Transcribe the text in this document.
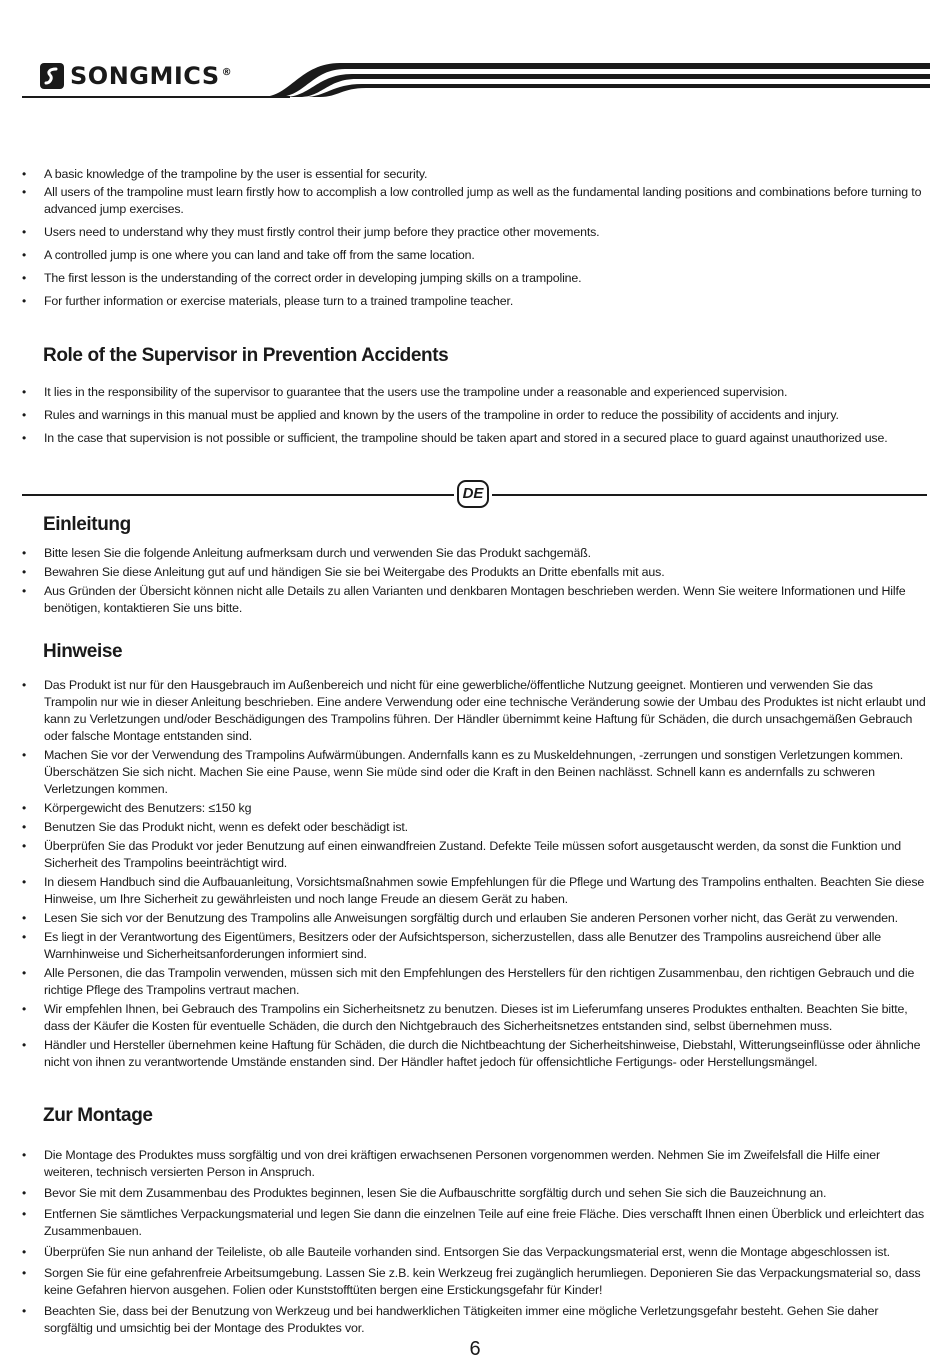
SONGMICS ®
• A basic knowledge of the trampoline by the user is essential for security.
• All users of the trampoline must learn firstly how to accomplish a low controlled jump as well as the fundamental landing positions and combinations before turning to advanced jump exercises.
• Users need to understand why they must firstly control their jump before they practice other movements.
• A controlled jump is one where you can land and take off from the same location.
• The first lesson is the understanding of the correct order in developing jumping skills on a trampoline.
• For further information or exercise materials, please turn to a trained trampoline teacher.
Role of the Supervisor in Prevention Accidents
• It lies in the responsibility of the supervisor to guarantee that the users use the trampoline under a reasonable and experienced supervision.
• Rules and warnings in this manual must be applied and known by the users of the trampoline in order to reduce the possibility of accidents and injury.
• In the case that supervision is not possible or sufficient, the trampoline should be taken apart and stored in a secured place to guard against unauthorized use.
DE
Einleitung
• Bitte lesen Sie die folgende Anleitung aufmerksam durch und verwenden Sie das Produkt sachgemäß.
• Bewahren Sie diese Anleitung gut auf und händigen Sie sie bei Weitergabe des Produkts an Dritte ebenfalls mit aus.
• Aus Gründen der Übersicht können nicht alle Details zu allen Varianten und denkbaren Montagen beschrieben werden. Wenn Sie weitere Informationen und Hilfe benötigen, kontaktieren Sie uns bitte.
Hinweise
• Das Produkt ist nur für den Hausgebrauch im Außenbereich und nicht für eine gewerbliche/öffentliche Nutzung geeignet. Montieren und verwenden Sie das Trampolin nur wie in dieser Anleitung beschrieben. Eine andere Verwendung oder eine technische Veränderung sowie der Umbau des Produktes ist nicht erlaubt und kann zu Verletzungen und/oder Beschädigungen des Trampolins führen. Der Händler übernimmt keine Haftung für Schäden, die durch unsachgemäßen Gebrauch oder falsche Montage entstanden sind.
• Machen Sie vor der Verwendung des Trampolins Aufwärmübungen. Andernfalls kann es zu Muskeldehnungen, -zerrungen und sonstigen Verletzungen kommen. Überschätzen Sie sich nicht. Machen Sie eine Pause, wenn Sie müde sind oder die Kraft in den Beinen nachlässt. Schnell kann es andernfalls zu schweren Verletzungen kommen.
• Körpergewicht des Benutzers: ≤150 kg
• Benutzen Sie das Produkt nicht, wenn es defekt oder beschädigt ist.
• Überprüfen Sie das Produkt vor jeder Benutzung auf einen einwandfreien Zustand. Defekte Teile müssen sofort ausgetauscht werden, da sonst die Funktion und Sicherheit des Trampolins beeinträchtigt wird.
• In diesem Handbuch sind die Aufbauanleitung, Vorsichtsmaßnahmen sowie Empfehlungen für die Pflege und Wartung des Trampolins enthalten. Beachten Sie diese Hinweise, um Ihre Sicherheit zu gewährleisten und noch lange Freude an diesem Gerät zu haben.
• Lesen Sie sich vor der Benutzung des Trampolins alle Anweisungen sorgfältig durch und erlauben Sie anderen Personen vorher nicht, das Gerät zu verwenden.
• Es liegt in der Verantwortung des Eigentümers, Besitzers oder der Aufsichtsperson, sicherzustellen, dass alle Benutzer des Trampolins ausreichend über alle Warnhinweise und Sicherheitsanforderungen informiert sind.
• Alle Personen, die das Trampolin verwenden, müssen sich mit den Empfehlungen des Herstellers für den richtigen Zusammenbau, den richtigen Gebrauch und die richtige Pflege des Trampolins vertraut machen.
• Wir empfehlen Ihnen, bei Gebrauch des Trampolins ein Sicherheitsnetz zu benutzen. Dieses ist im Lieferumfang unseres Produktes enthalten. Beachten Sie bitte, dass der Käufer die Kosten für eventuelle Schäden, die durch den Nichtgebrauch des Sicherheitsnetzes entstanden sind, selbst übernehmen muss.
• Händler und Hersteller übernehmen keine Haftung für Schäden, die durch die Nichtbeachtung der Sicherheitshinweise, Diebstahl, Witterungseinflüsse oder ähnliche nicht von ihnen zu verantwortende Umstände enstanden sind. Der Händler haftet jedoch für offensichtliche Fertigungs- oder Herstellungsmängel.
Zur Montage
• Die Montage des Produktes muss sorgfältig und von drei kräftigen erwachsenen Personen vorgenommen werden. Nehmen Sie im Zweifelsfall die Hilfe einer weiteren, technisch versierten Person in Anspruch.
• Bevor Sie mit dem Zusammenbau des Produktes beginnen, lesen Sie die Aufbauschritte sorgfältig durch und sehen Sie sich die Bauzeichnung an.
• Entfernen Sie sämtliches Verpackungsmaterial und legen Sie dann die einzelnen Teile auf eine freie Fläche. Dies verschafft Ihnen einen Überblick und erleichtert das Zusammenbauen.
• Überprüfen Sie nun anhand der Teileliste, ob alle Bauteile vorhanden sind. Entsorgen Sie das Verpackungsmaterial erst, wenn die Montage abgeschlossen ist.
• Sorgen Sie für eine gefahrenfreie Arbeitsumgebung. Lassen Sie z.B. kein Werkzeug frei zugänglich herumliegen. Deponieren Sie das Verpackungsmaterial so, dass keine Gefahren hiervon ausgehen. Folien oder Kunststofftüten bergen eine Erstickungsgefahr für Kinder!
• Beachten Sie, dass bei der Benutzung von Werkzeug und bei handwerklichen Tätigkeiten immer eine mögliche Verletzungsgefahr besteht. Gehen Sie daher sorgfältig und umsichtig bei der Montage des Produktes vor.
6
